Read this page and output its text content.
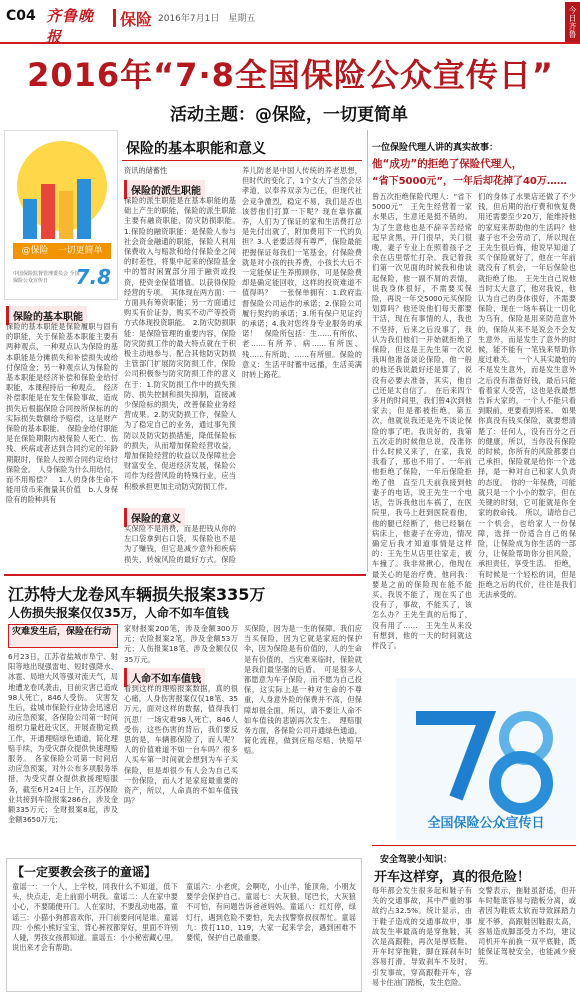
C04 齐鲁晚报
保险 2016年7月1日　星期五	今日齐鲁
2016年“7·8全国保险公众宣传日”
活动主题：@保险，一切更简单
@保险　一切更简单
中国保险监督管理委员会 全国保险公众宣传日	7.8
保险的基本职能和意义
保险的基本职能
保险的基本职能是保险履职与固有的职能，关于保险基本职能主要有两种观点，一种观点认为保险的基本职能是分摊损失和补偿损失或给付保险金；另一种观点认为保险的基本职能是经济补偿和保险金给付职能，本课程持后一种观点。　经济补偿职能是在发生保险事故，造成损失后根据保险合同按所保标的的实际损失数额给予赔偿，这是财产保险的基本职能。　保险金给付职能是在保险期限内被保险人死亡、伤残、疾病或者达到合同约定的年龄期限时，保险人按照合同约定给付保险金。　人身保险为什么用给付，而不用赔偿？　1.人的身体生命不能用货币来衡量其价值　b.人身保险有的险种具有
资讯的储蓄性
保险的派生职能
保险的派生职能是在基本职能的基础上产生的职能，保险的派生职能主要有融资职能、防灾防损职能。　1.保险的融资职能：是保险人参与社会资金融通的职能，保险人利用保费收入与赔款和给付保险金之间的时差性，将集中起来的保险基金中的暂时闲置部分用于融资或投资，使资金保值增值。以获得保险经营的专项。　其体现在两方面：一方面具有筹资职能；另一方面通过购买有价证券，购买不动产等投资方式体现投资职能。　2.防灾防损职能：是保险管理的重要内容，保险防灾防损工作的最大特点就在于积极主动地参与、配合其他防灾防损主管部门扩展防灾防损工作，保险公司积极参与防灾防损工作的意义在于：1.防灾防损工作中的损失预防、损失控制和损失抑制，直接减少保险标的损失，改善保险业务经营成果。2.防灾防损工作，保险人为了稳定自己的业务，通过事先预防以及防灾防损措施，降低保险标的损失，从而增加保险经营收益，增加保险经营的收益以及保障社会财富安全，促进经济发展，保险公司作为经营风险的特殊行业，应当积极承担更加主动防灾防损工作。
保险的意义
买保险不是消费，而是把钱从你的左口袋拿到右口袋，买保险也不是为了赚钱，但它是减少意外和疾病损失、转嫁风险的最好方式。保险
养儿防老是中国人传统的养老思想，但时代的变化了，1个女大了当然会尽孝道，以奉养双亲为己任，但现代社会竞争激烈，稳定不易，我们是否也该替他们打算一下呢？现在靠你赢养，人们为了保证的家和生活费打总是先付出就了，附加费用下一代的负担？3.人老要活得有尊严，保险最能把握保证每我们一笔基金，付保险费就是对小孩的扶养费，小孩长大后不一定能保证生养照顾你，可是保险费却是确定能回收，这样的投资难道不值得吗？　一张保单拥有：1.政府监督保险公司运作的承诺；2.保险公司履行契约的承诺；3.所有保户见证约的承诺；4.我对您终身专业服务的承诺！　保险所包括：生……有所依、老……有所养、病……有所医、残……有所助、……有所留。保险的意义：生活平时蓄中远播，生活美满时转上路花。
一位保险代理人讲的真实故事：
他“成功”的拒绝了保险代理人，
“省下5000元”，一年后却花掉了40万……
曾五次拒绝保险代理人：“省下5000元”　王先生经营着一家水果店，生意还是挺不错的。为了生意他也是不辞辛苦经常起早贪黑，开门很早，关门很晚，妻子专业上在照着孩子之余在店里帮忙打杂。我记着我们第一次见面的时候我和他谈起保险，他一副不屑的表情，说我身体很好，不需要买保险，再说一年交5000元买保险划算吗？他还说他们每天都要干活，现在有事情的人，我也不坚持，后来之后没事了，我认为我们他们一开始就拒绝了保险，但这是王先生第一次说我叫他准备谈论保险，他一般的他还我说最好还是算了，说没有必要去准备，其实，他自己还是太自信了。　在后来四个多月的时间里，我们曾4次到他家去，但是都被拒绝，第五次，他就说我还是先不谈论保险的事了吧。我说好的，我第五次走的时候他总说，没准你什么时候又来了，在家，我说我看了，那也不用了。一年前他拒绝了保险，一年后保险拒绝了他　直至几天前我接到他妻子的电话，说王先生一个电话，告诉我他出车祸了，在医院里，我马上赶到医院看他，他的腿已经断了，他已经躺在病床上，他妻子在旁边，情况确定后我才知道事情是这样的：王先生从店里往家走，被车撞了。我非常揪心，他现在最关心的是治疗费，他问我：要是之前的保险现在能不能买。我说不能了，现在买了也没有了，事故，不能买了，该怎么办？王先生真的后悔了，没有用了……　王先生从来没有想到，他的一天的时间就这样没了。
们的身体了水果店还做了不少钱，但后期的治疗费和恢复费用还需要至少20万，能维持他的家庭来帮助他的生活吗？他妻子也不会劳动了，所以现在王先生很后悔，他说早知道了买个保险就好了，他在一年前就没有了机会，一年后保险也就拒绝了他。　王先生自己说他当时太大意了，他对我说，他认为自己的身体很好，不需要保险，现在一场车祸让一切化为乌有，保险是用来防范意外的，保险从来不是说会不会发生意外，而是发生了意外的时候，能不能有一笔钱来帮助你度过难关。　一个人其实最怕的不是发生意外，而是发生意外之后没有准备好钱，最后只能看着家人受苦，这也是我最想告诉大家的，一个人不能只看到眼前，更要看到将来。　如果你真没有钱买保险，就要想清楚了：任何人，没有百分之百的健康，所以，当你没有保险的时候，你所有的风险都要自己承担，保险就是给你一个选择，是一种对自己和家人负责的态度。　你的一年保费，可能就只是一个小小的数字，但在关键的时刻，它可能就是你全家的救命钱。　所以，请给自己一个机会，也给家人一份保障，选择一份适合自己的保险，让保险成为你生活的一部分，让保险帮助你分担风险，承担责任，享受生活。　拒绝，有时候是一个轻松的词，但是拒绝之后的代价，往往是我们无法承受的。
江苏特大龙卷风车辆损失报案335万
人伤损失报案仅仅35万，人命不如车值钱
灾难发生后，保险在行动
6月23日，江苏省盐城市阜宁、射阳等地出现强雷电、短时强降水、冰雹、局地大风等强对流天气，局地遭龙卷风袭击，目前灾害已造成98人死亡，846人受伤。　灾害发生后，盐城市保险行业协会迅速启动应急预案，各保险公司第一时间组织力量赶赴灾区，开展查勘定损工作，开通理赔绿色通道，简化理赔手续，为受灾群众提供快速理赔服务。　各家保险公司第一时间启动应急预案，对外公布多项服务举措，为受灾群众提供救援理赔服务，截至6月24日上午，江苏保险业共接到车险报案286台，涉及金额335万元；全财报案8起，涉及金额3650万元；
家财报案200笔，涉及金额300万元；农险报案2笔，涉及金额53万元；人伤报案18笔，涉及金额仅仅35万元。
人命不如车值钱
看到这样的理赔报案数据，真的很心痛，人身伤害报案仅仅18笔、35万元，面对这样的数据，值得我们沉思！一场灾难98人死亡，846人受伤，这些伤害的背后，我们要反思的是，车辆都保险了，而人呢？人的价值难道不如一台车吗？很多人买车第一时间就会想到为车子买保险，但是却很少有人会为自己买一份保险，而人才是家庭最重要的资产，所以，人命真的不如车值钱吗？
买保险，因为是一生的保障。我们应当买保险，因为它就是家庭的保护伞，因为保险是有价值的，人的生命是有价值的，当灾难来临时，保险就是我们最坚强的后盾。　可是很多人都愿意为车子保险，而不愿为自己投保，这实际上是一种对生命的不尊重，人身意外险的保费并不高，但保障却很全面，所以，请不要让人命不如车值钱的悲剧再次发生。　理赔服务方面，各保险公司开通绿色通道，简化流程，做到应赔尽赔、快赔早赔。
全国保险公众宣传日
安全驾驶小知识：
开车这样穿，真的很危险！
每年都会发生很多起和鞋子有关的交通事故，其中严重的事故约占32.5%。统计显示，由于鞋子造成的交通事故中，事故发生率最高的是穿拖鞋，其次是高跟鞋，再次是厚底鞋。开车时穿拖鞋，脚在踩刹车时容易打滑，导致刹车不及时，引发事故，穿高跟鞋开车，容易卡住油门踏板，发生危险。
交警表示，拖鞋虽舒适，但开车时鞋底容易与踏板分离，或者因为鞋底太软而导致踩踏力度不够，高跟鞋因鞋跟太高，容易造成脚部受力不均，建议司机开车前换一双平底鞋，既能保证驾驶安全，也能减少疲劳。
【一定要教会孩子的童谣】
童谣一：一个人，上学校，同我什么不知道，低下头，快点走，走上前面小明我。童谣二：人在家中要小心，不要随便开门。人在家时，不要乱动电器。童谣三：小猫小狗都喜欢你，开门前要问问是谁。童谣四：小熊小熊好宝宝，背心裤衩都穿好，里面不许别人碰，男孩女孩都知道。童谣五：小小秘密藏心里，说出来才会有帮助。
童谣六：小老虎，会啊吃，小山羊，能顶角，小朋友要学会保护自己。童谣七：大灰狼，尾巴长，大灰狼不可怕，有问题告诉爸爸妈妈。童谣八：红灯停，绿灯行，遇到危险不要怕，先去找警察叔叔帮忙。童谣九：拨打110、119，大家一起来学会，遇到困难不要慌，保护自己最重要。
